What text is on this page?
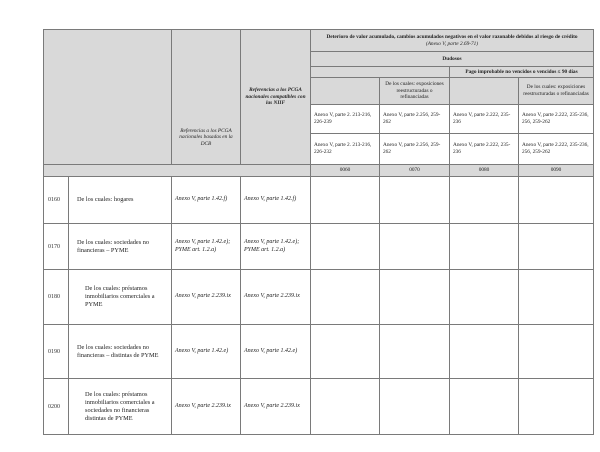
		Referencias a los PCGA nacionales basadas en la DCB	Referencias a los PCGA nacionales compatibles con las NIIF	Deterioro de valor acumulado, cambios acumulados negativos en el valor razonable debidos al riesgo de crédito
(Anexo V, parte 2.69-71)			

				Dudosos			

						Pago improbable no vencidos o vencidos ≤ 90 días	

					De los cuales: exposiciones reestructuradas o refinanciadas		De los cuales: exposiciones reestructuradas o refinanciadas

				Anexo V, parte 2. 213-216, 226-239	Anexo V, parte 2.256, 259-262	Anexo V, parte 2.222, 235-236	Anexo V, parte 2.222, 235-236, 256, 259-262

				Anexo V, parte 2. 213-216, 226-232	Anexo V, parte 2.256, 259-262	Anexo V, parte 2.222, 235-236	Anexo V, parte 2.222, 235-236, 256, 259-262

				0060	0070	0080	0090

0160	De los cuales: hogares	Anexo V, parte 1.42.f)	Anexo V, parte 1.42.f)				

0170	De los cuales: sociedades no financieras – PYME	Anexo V, parte 1.42.e); PYME art. 1.2.a)	Anexo V, parte 1.42.e); PYME art. 1.2.a)				

0180	De los cuales: préstamos inmobiliarios comerciales a PYME	Anexo V, parte 2.239.ix	Anexo V, parte 2.239.ix				

0190	De los cuales: sociedades no financieras – distintas de PYME	Anexo V, parte 1.42.e)	Anexo V, parte 1.42.e)				

0200	De los cuales: préstamos inmobiliarios comerciales a sociedades no financieras distintas de PYME	Anexo V, parte 2.239.ix	Anexo V, parte 2.239.ix				
